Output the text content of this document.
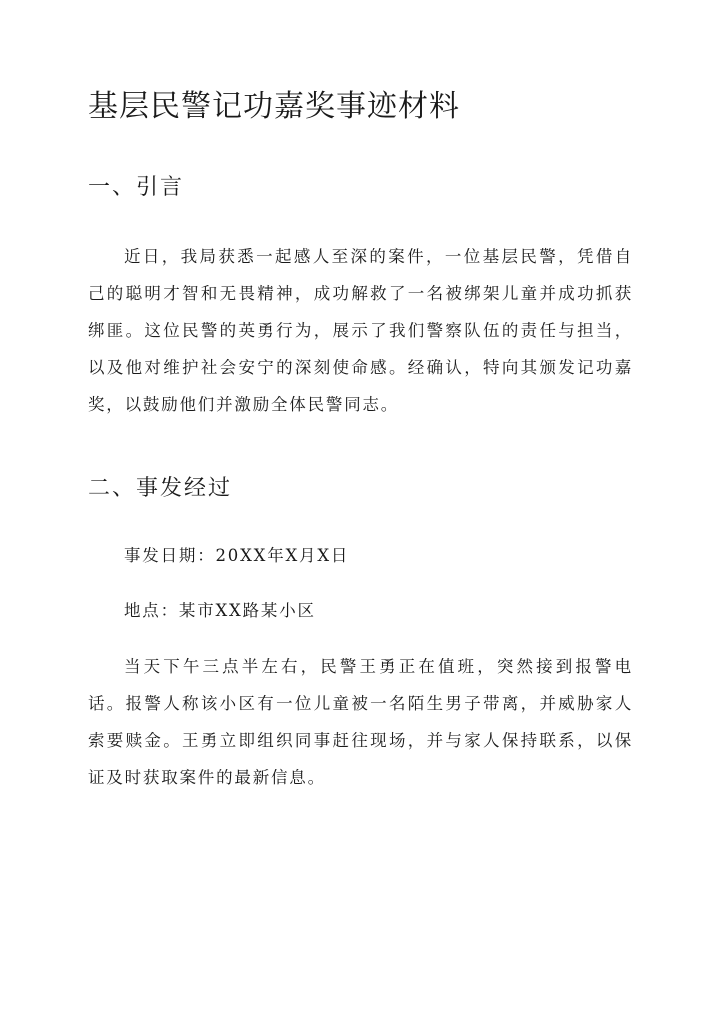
基层民警记功嘉奖事迹材料
一、引言

近日，我局获悉一起感人至深的案件，一位基层民警，凭借自己的聪明才智和无畏精神，成功解救了一名被绑架儿童并成功抓获绑匪。这位民警的英勇行为，展示了我们警察队伍的责任与担当，以及他对维护社会安宁的深刻使命感。经确认，特向其颁发记功嘉奖，以鼓励他们并激励全体民警同志。

二、事发经过

事发日期：20XX年X月X日

地点：某市XX路某小区

当天下午三点半左右，民警王勇正在值班，突然接到报警电话。报警人称该小区有一位儿童被一名陌生男子带离，并威胁家人索要赎金。王勇立即组织同事赶往现场，并与家人保持联系，以保证及时获取案件的最新信息。
